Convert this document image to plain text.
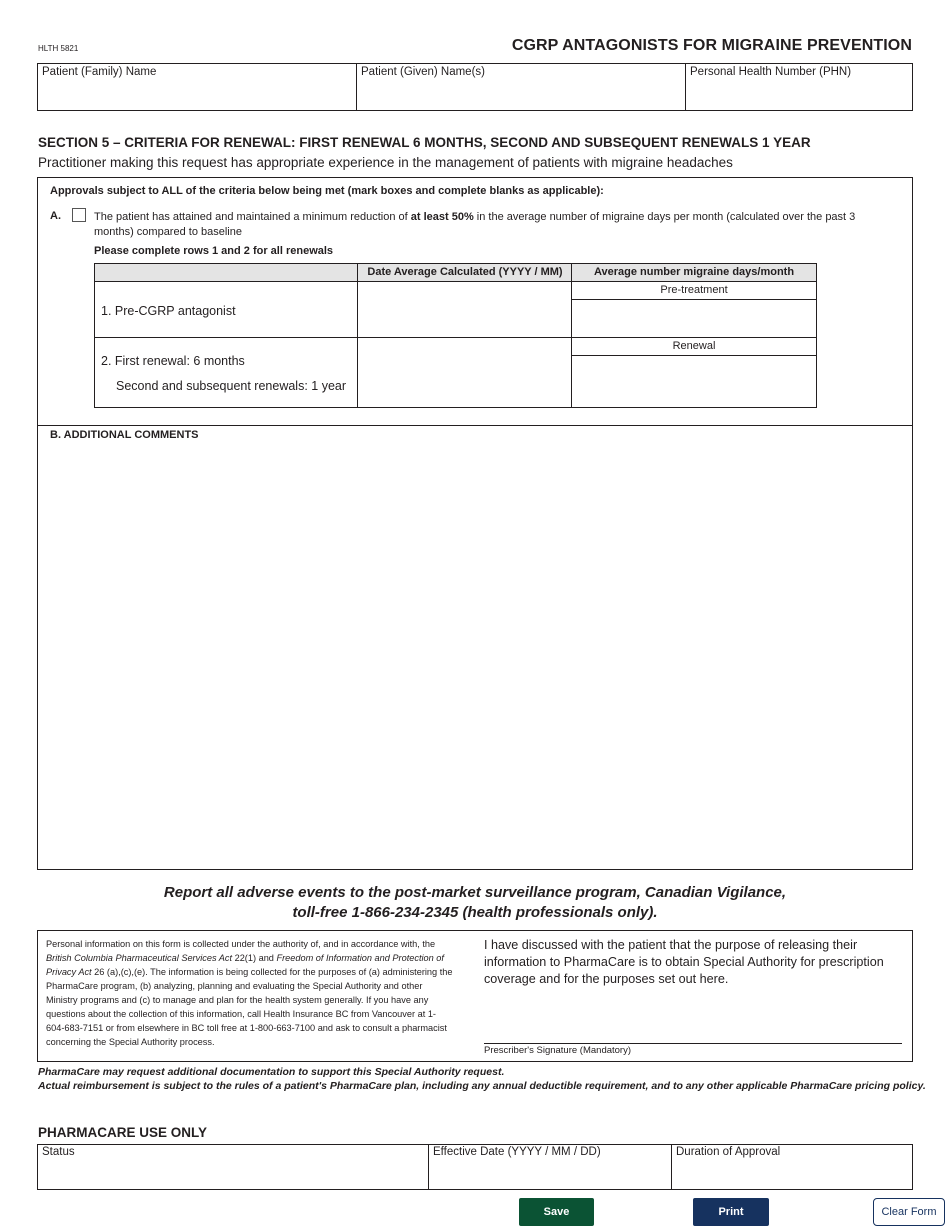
HLTH 5821	CGRP ANTAGONISTS FOR MIGRAINE PREVENTION
Patient (Family) Name	Patient (Given) Name(s)	Personal Health Number (PHN)
SECTION 5 – CRITERIA FOR RENEWAL: FIRST RENEWAL 6 MONTHS, SECOND AND SUBSEQUENT RENEWALS 1 YEAR
Practitioner making this request has appropriate experience in the management of patients with migraine headaches
Approvals subject to ALL of the criteria below being met (mark boxes and complete blanks as applicable):
A.	The patient has attained and maintained a minimum reduction of at least 50% in the average number of migraine days per month (calculated over the past 3 months) compared to baseline
Please complete rows 1 and 2 for all renewals
Date Average Calculated (YYYY / MM)	Average number migraine days/month
1. Pre-CGRP antagonist
Pre-treatment
2. First renewal: 6 months
Second and subsequent renewals: 1 year
Renewal
B. ADDITIONAL COMMENTS
Report all adverse events to the post-market surveillance program, Canadian Vigilance,
toll-free 1-866-234-2345 (health professionals only).
Personal information on this form is collected under the authority of, and in accordance with, the British Columbia Pharmaceutical Services Act 22(1) and Freedom of Information and Protection of Privacy Act 26 (a),(c),(e). The information is being collected for the purposes of (a) administering the PharmaCare program, (b) analyzing, planning and evaluating the Special Authority and other Ministry programs and (c) to manage and plan for the health system generally. If you have any questions about the collection of this information, call Health Insurance BC from Vancouver at 1-604-683-7151 or from elsewhere in BC toll free at 1-800-663-7100 and ask to consult a pharmacist concerning the Special Authority process.
I have discussed with the patient that the purpose of releasing their information to PharmaCare is to obtain Special Authority for prescription coverage and for the purposes set out here.
Prescriber's Signature (Mandatory)
PharmaCare may request additional documentation to support this Special Authority request.
Actual reimbursement is subject to the rules of a patient's PharmaCare plan, including any annual deductible requirement, and to any other applicable PharmaCare pricing policy.
PHARMACARE USE ONLY
Status	Effective Date (YYYY / MM / DD)	Duration of Approval
Save	Print	Clear Form
